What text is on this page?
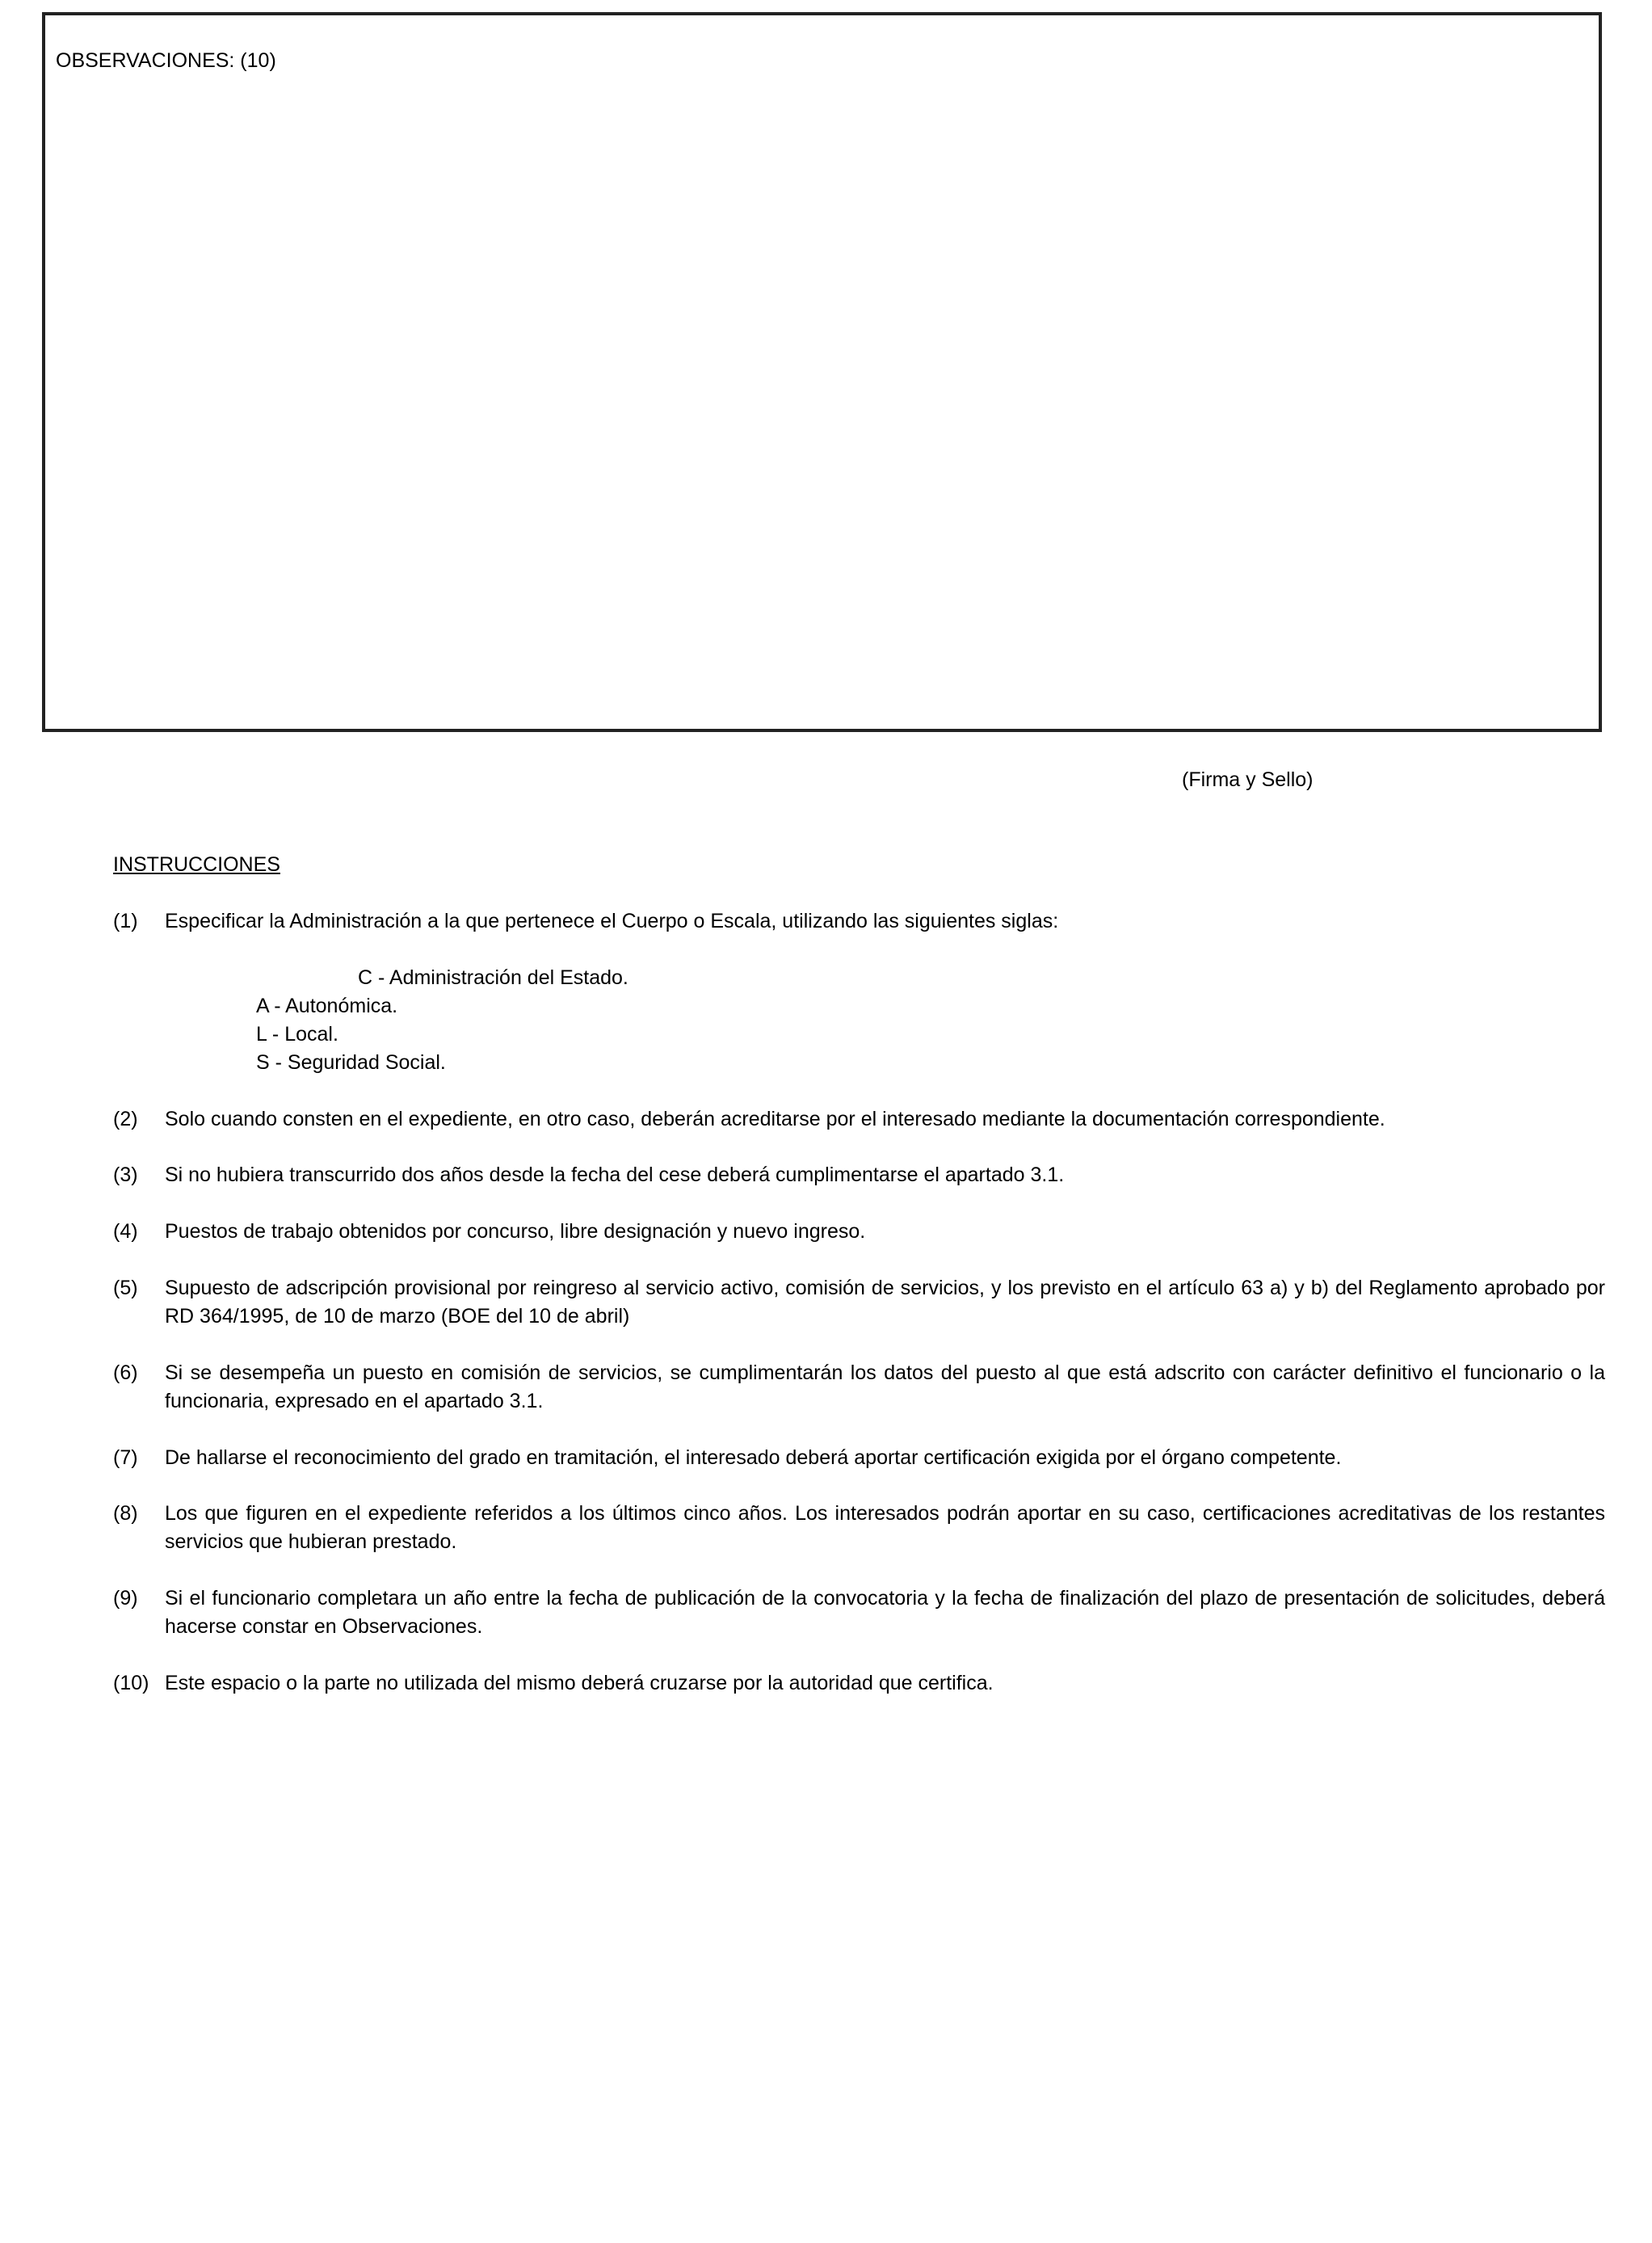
OBSERVACIONES: (10)
(Firma y Sello)
INSTRUCCIONES
(1) Especificar la Administración a la que pertenece el Cuerpo o Escala, utilizando las siguientes siglas:
C - Administración del Estado.
A - Autonómica.
L - Local.
S - Seguridad Social.
(2) Solo cuando consten en el expediente, en otro caso, deberán acreditarse por el interesado mediante la documentación correspondiente.
(3) Si no hubiera transcurrido dos años desde la fecha del cese deberá cumplimentarse el apartado 3.1.
(4) Puestos de trabajo obtenidos por concurso, libre designación y nuevo ingreso.
(5) Supuesto de adscripción provisional por reingreso al servicio activo, comisión de servicios, y los previsto en el artículo 63 a) y b) del Reglamento aprobado por RD 364/1995, de 10 de marzo (BOE del 10 de abril)
(6) Si se desempeña un puesto en comisión de servicios, se cumplimentarán los datos del puesto al que está adscrito con carácter definitivo el funcionario o la funcionaria, expresado en el apartado 3.1.
(7) De hallarse el reconocimiento del grado en tramitación, el interesado deberá aportar certificación exigida por el órgano competente.
(8) Los que figuren en el expediente referidos a los últimos cinco años. Los interesados podrán aportar en su caso, certificaciones acreditativas de los restantes servicios que hubieran prestado.
(9) Si el funcionario completara un año entre la fecha de publicación de la convocatoria y la fecha de finalización del plazo de presentación de solicitudes, deberá hacerse constar en Observaciones.
(10) Este espacio o la parte no utilizada del mismo deberá cruzarse por la autoridad que certifica.
